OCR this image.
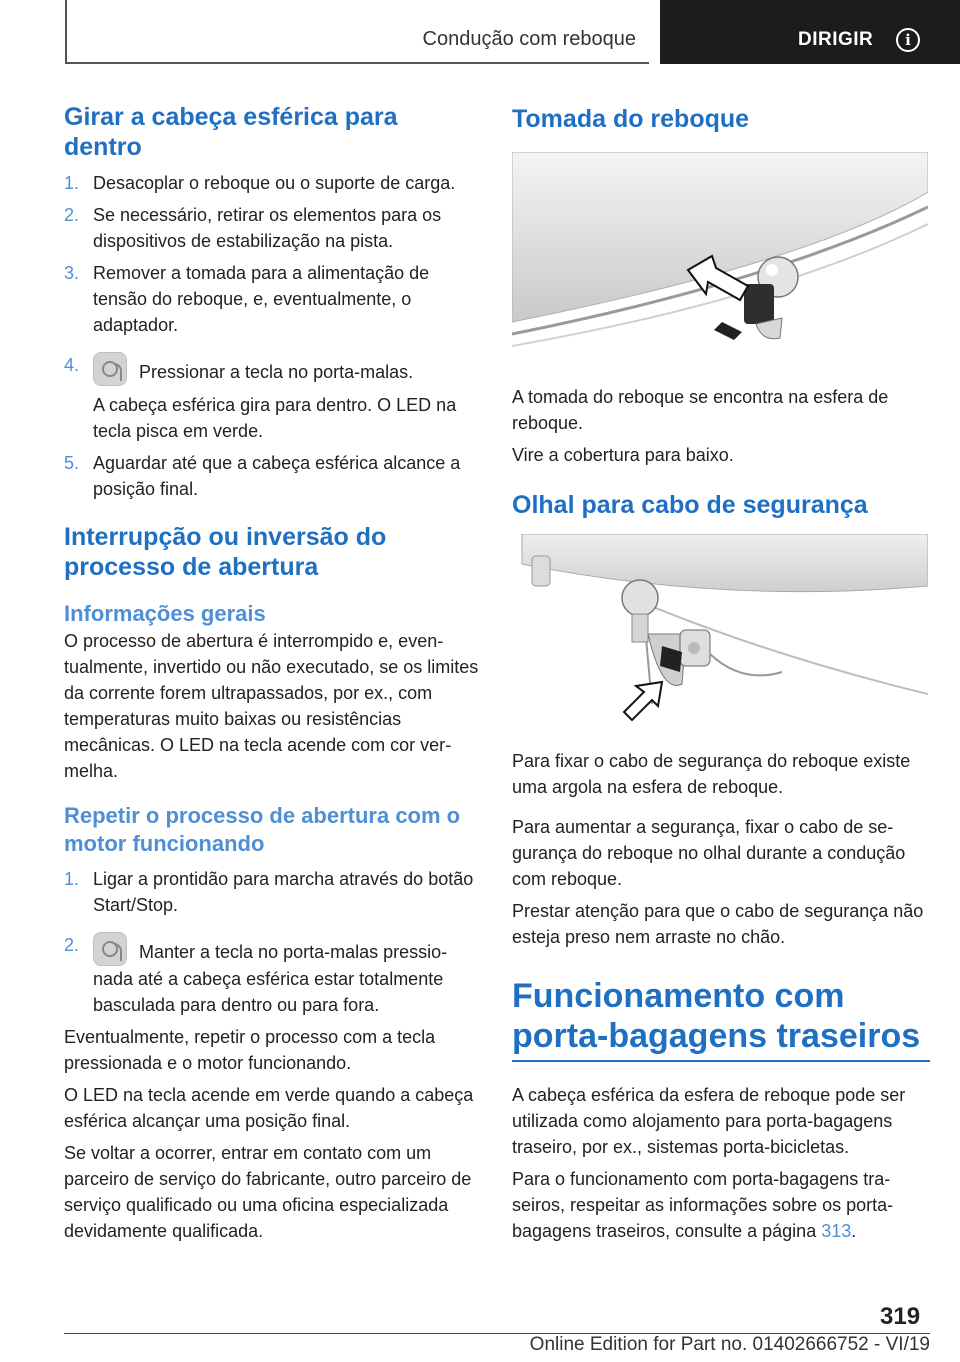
Condução com reboque	DIRIGIR	i
Girar a cabeça esférica para dentro
1. Desacoplar o reboque ou o suporte de carga.
2. Se necessário, retirar os elementos para os dispositivos de estabilização na pista.
3. Remover a tomada para a alimentação de tensão do reboque, e, eventualmente, o adaptador.
4.	Pressionar a tecla no porta-malas.
A cabeça esférica gira para dentro. O LED na tecla pisca em verde.
5. Aguardar até que a cabeça esférica alcance a posição final.
Interrupção ou inversão do processo de abertura
Informações gerais

O processo de abertura é interrompido e, eventualmente, invertido ou não executado, se os limites da corrente forem ultrapassados, por ex., com temperaturas muito baixas ou resistências mecânicas. O LED na tecla acende com cor vermelha.

Repetir o processo de abertura com o motor funcionando
1. Ligar a prontidão para marcha através do botão Start/Stop.
2.	Manter a tecla no porta-malas pressionada até a cabeça esférica estar totalmente basculada para dentro ou para fora.

Eventualmente, repetir o processo com a tecla pressionada e o motor funcionando.

O LED na tecla acende em verde quando a cabeça esférica alcançar uma posição final.

Se voltar a ocorrer, entrar em contato com um parceiro de serviço do fabricante, outro parceiro de serviço qualificado ou uma oficina especializada devidamente qualificada.

Tomada do reboque

A tomada do reboque se encontra na esfera de reboque.

Vire a cobertura para baixo.

Olhal para cabo de segurança

Para fixar o cabo de segurança do reboque existe uma argola na esfera de reboque.

Para aumentar a segurança, fixar o cabo de segurança do reboque no olhal durante a condução com reboque.

Prestar atenção para que o cabo de segurança não esteja preso nem arraste no chão.

Funcionamento com porta-bagagens traseiros

A cabeça esférica da esfera de reboque pode ser utilizada como alojamento para porta-bagagens traseiro, por ex., sistemas porta-bicicletas.

Para o funcionamento com porta-bagagens traseiros, respeitar as informações sobre os porta-bagagens traseiros, consulte a página 313.

319
Online Edition for Part no. 01402666752 - VI/19
